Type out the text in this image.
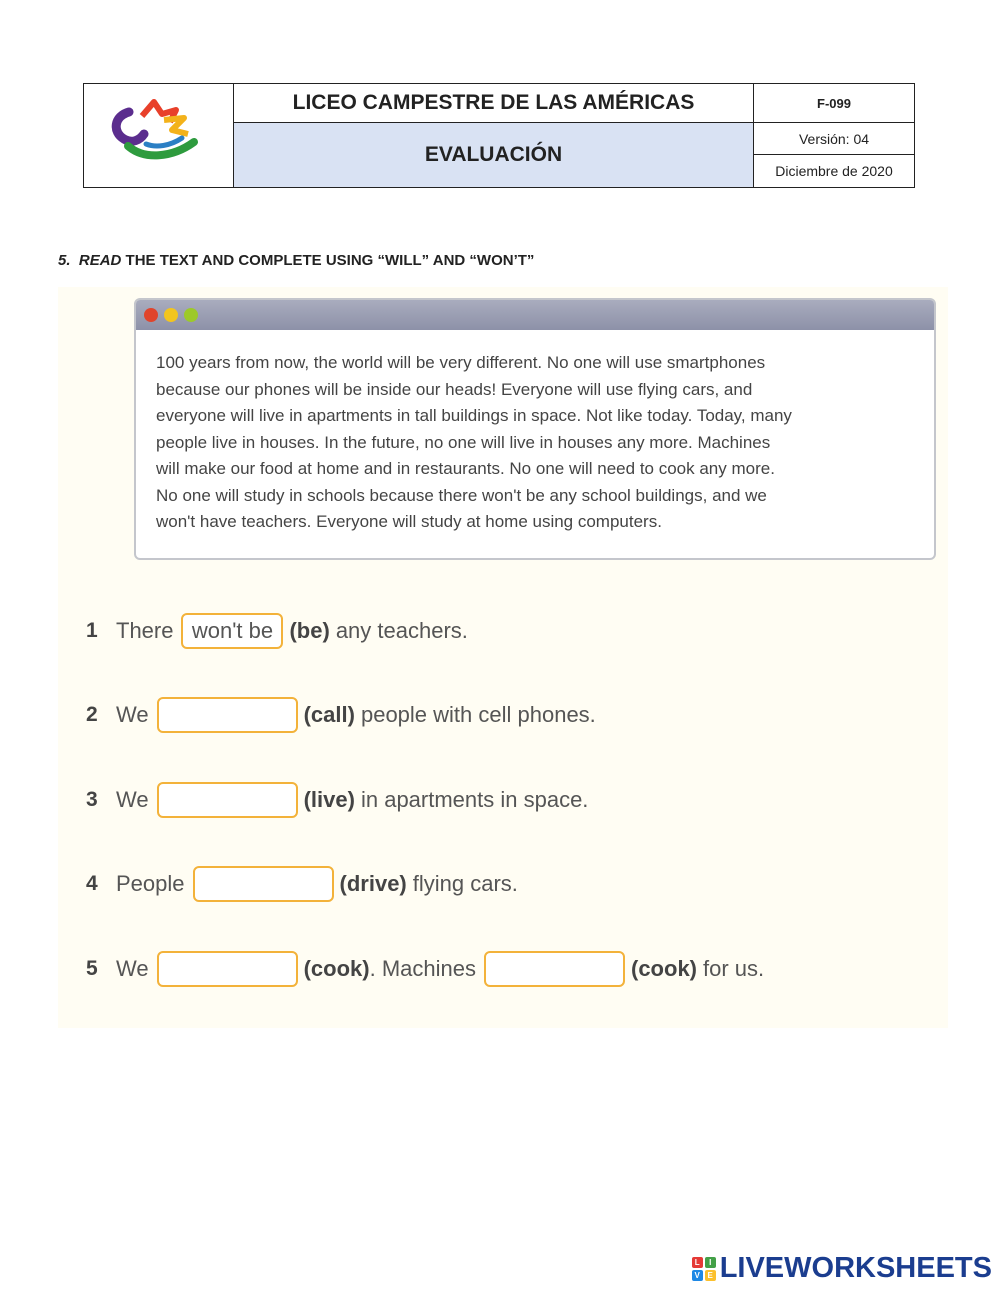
LICEO CAMPESTRE DE LAS AMÉRICAS
EVALUACIÓN
F-099
Versión: 04
Diciembre de 2020
5. READ THE TEXT AND COMPLETE USING “WILL” AND “WON’T”

100 years from now, the world will be very different. No one will use smartphones

because our phones will be inside our heads! Everyone will use flying cars, and

everyone will live in apartments in tall buildings in space. Not like today. Today, many

people live in houses. In the future, no one will live in houses any more. Machines

will make our food at home and in restaurants. No one will need to cook any more.

No one will study in schools because there won't be any school buildings, and we

won't have teachers. Everyone will study at home using computers.

1 There won't be (be) any teachers.
2 We	(call) people with cell phones.
3 We	(live) in apartments in space.
4 People	(drive) flying cars.
5 We	(cook) . Machines	(cook) for us.
L	I
V E LIVEWORKSHEETS
